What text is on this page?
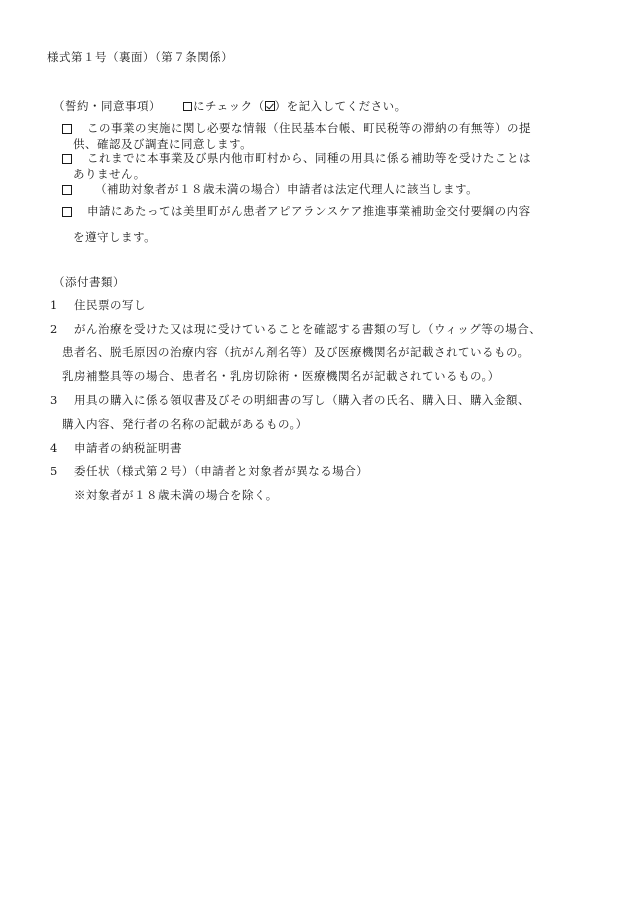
様式第１号（裏面）（第７条関係）
（誓約・同意事項）	にチェック（ ）を記入してください。
この事業の実施に関し必要な情報（住民基本台帳、町民税等の滞納の有無等）の提
供、確認及び調査に同意します。
これまでに本事業及び県内他市町村から、同種の用具に係る補助等を受けたことは
ありません。
（補助対象者が１８歳未満の場合）申請者は法定代理人に該当します。
申請にあたっては美里町がん患者アピアランスケア推進事業補助金交付要綱の内容
を遵守します。
（添付書類）
1 住民票の写し
2 がん治療を受けた又は現に受けていることを確認する書類の写し（ウィッグ等の場合、
患者名、脱毛原因の治療内容（抗がん剤名等）及び医療機関名が記載されているもの。
乳房補整具等の場合、患者名・乳房切除術・医療機関名が記載されているもの。）
3 用具の購入に係る領収書及びその明細書の写し（購入者の氏名、購入日、購入金額、
購入内容、発行者の名称の記載があるもの。）
4 申請者の納税証明書
5 委任状（様式第２号）（申請者と対象者が異なる場合）
※対象者が１８歳未満の場合を除く。
